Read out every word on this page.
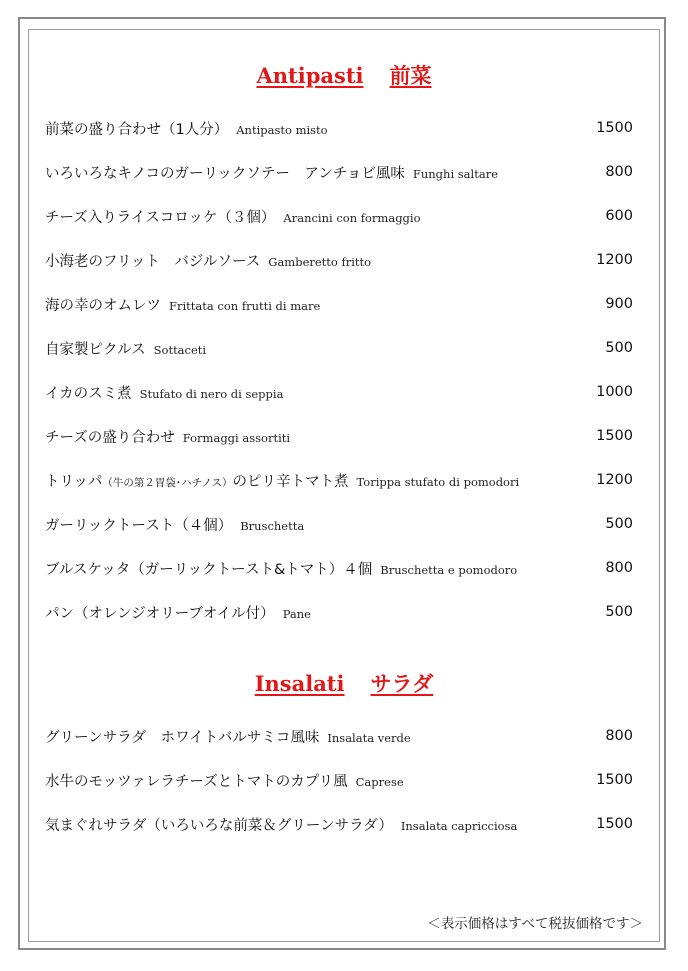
Antipasti 前菜
前菜の盛り合わせ（1人分） Antipasto misto	1500
いろいろなキノコのガーリックソテー　アンチョビ風味 Funghi saltare	800
チーズ入りライスコロッケ（３個） Arancini con formaggio	600
小海老のフリット　バジルソース Gamberetto fritto	1200
海の幸のオムレツ Frittata con frutti di mare	900
自家製ピクルス Sottaceti	500
イカのスミ煮 Stufato di nero di seppia	1000
チーズの盛り合わせ Formaggi assortiti	1500
トリッパ（牛の第２胃袋･ハチノス）のピリ辛トマト煮 Torippa stufato di pomodori	1200
ガーリックトースト（４個） Bruschetta	500
ブルスケッタ（ガーリックトースト&トマト）４個 Bruschetta e pomodoro	800
パン（オレンジオリーブオイル付） Pane	500
Insalati サラダ
グリーンサラダ　ホワイトバルサミコ風味 Insalata verde	800
水牛のモッツァレラチーズとトマトのカプリ風 Caprese	1500
気まぐれサラダ（いろいろな前菜＆グリーンサラダ） Insalata capricciosa	1500
＜表示価格はすべて税抜価格です＞
